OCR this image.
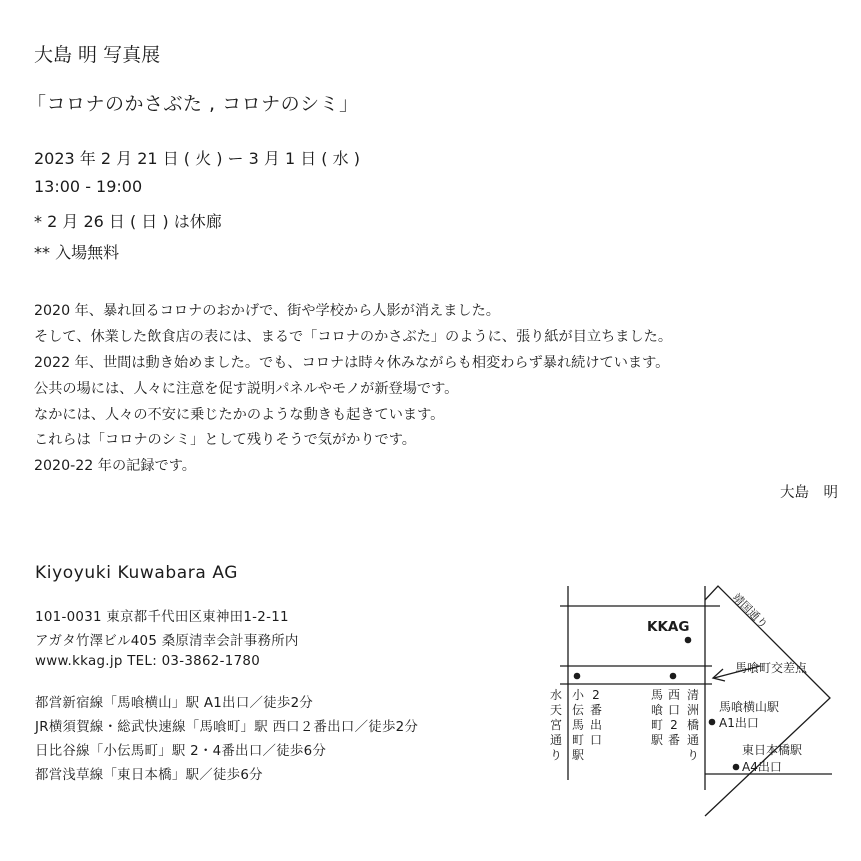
大島 明 写真展
「コロナのかさぶた , コロナのシミ」
2023 年 2 月 21 日 ( 火 ) ー 3 月 1 日 ( 水 )
13:00 - 19:00
* 2 月 26 日 ( 日 ) は休廊
** 入場無料
2020 年、暴れ回るコロナのおかげで、街や学校から人影が消えました。
そして、休業した飲食店の表には、まるで「コロナのかさぶた」のように、張り紙が目立ちました。
2022 年、世間は動き始めました。でも、コロナは時々休みながらも相変わらず暴れ続けています。
公共の場には、人々に注意を促す説明パネルやモノが新登場です。
なかには、人々の不安に乗じたかのような動きも起きています。
これらは「コロナのシミ」として残りそうで気がかりです。
2020-22 年の記録です。
大島　明
Kiyoyuki Kuwabara AG
101-0031 東京都千代田区東神田1-2-11
アガタ竹澤ビル405 桑原清幸会計事務所内
www.kkag.jp TEL: 03-3862-1780
都営新宿線「馬喰横山」駅 A1出口／徒歩2分
JR横須賀線・総武快速線「馬喰町」駅 西口２番出口／徒歩2分
日比谷線「小伝馬町」駅 2・4番出口／徒歩6分
都営浅草線「東日本橋」駅／徒歩6分
KKAG	靖国通り
馬喰町交差点
水
天
宮
通
り
小
伝
馬
町
駅
2
番
出
口
馬
喰
町
駅
西
口
2
番
清
洲
橋
通
り
馬喰横山駅
A1出口
東日本橋駅
A4出口
